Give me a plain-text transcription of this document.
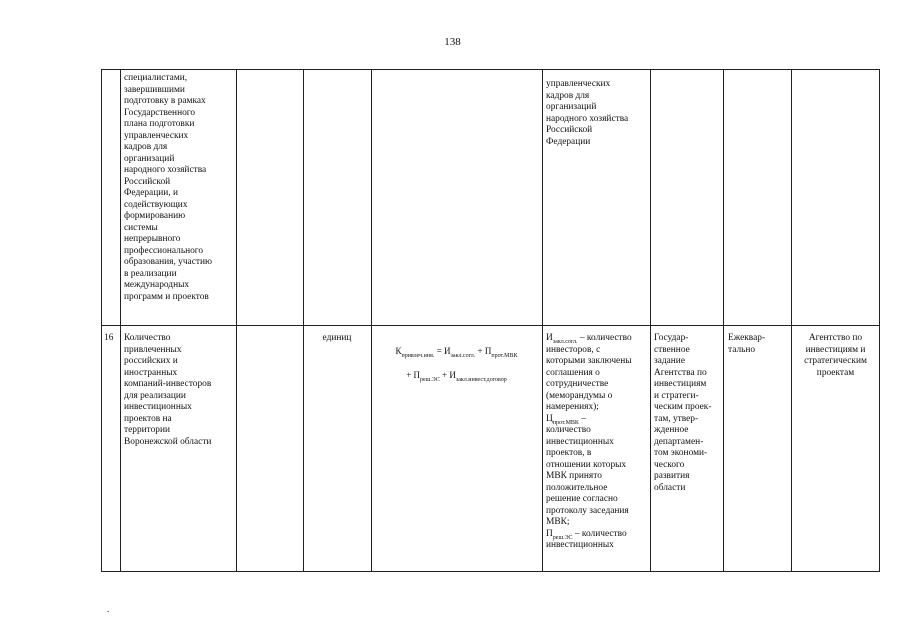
138
специалистами,
завершившими
подготовку в рамках
Государственного
плана подготовки
управленческих
кадров для
организаций
народного хозяйства
Российской
Федерации, и
содействующих
формированию
системы
непрерывного
профессионального
образования, участию
в реализации
международных
программ и проектов
управленческих
кадров для
организаций
народного хозяйства
Российской
Федерации
16	Количество
привлеченных
российских и
иностранных
компаний-инвесторов
для реализации
инвестиционных
проектов на
территории
Воронежской области
единиц

$К_{привлеч.инв.} = И_{закл.согл.} + П_{прот.МВК}$

+ $П_{реш.ЭС} + И_{закл.инвест.договор}$

$И_{закл.согл.}$ – количество
инвесторов, с
которыми заключены
соглашения о
сотрудничестве
(меморандумы о
намерениях);
$Ц_{прот.МВК}$ –
количество
инвестиционных
проектов, в
отношении которых
МВК принято
положительное
решение согласно
протоколу заседания
МВК;
$П_{реш.ЭС}$ – количество
инвестиционных
Государ-
ственное
задание
Агентства по
инвестициям
и стратеги-
ческим проек-
там, утвер-
жденное
департамен-
том экономи-
ческого
развития
области
Ежеквар-
тально
Агентство по
инвестициям и
стратегическим
проектам
.
